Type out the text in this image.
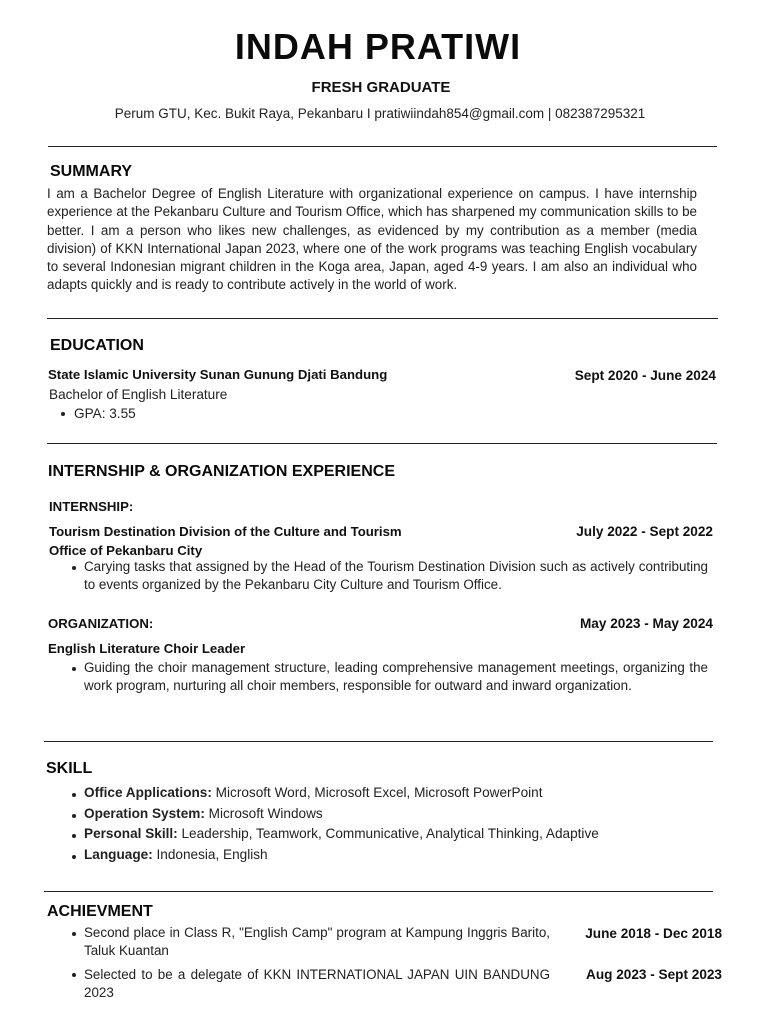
INDAH PRATIWI
FRESH GRADUATE
Perum GTU, Kec. Bukit Raya, Pekanbaru I pratiwiindah854@gmail.com | 082387295321
SUMMARY
I am a Bachelor Degree of English Literature with organizational experience on campus. I have internship experience at the Pekanbaru Culture and Tourism Office, which has sharpened my communication skills to be better. I am a person who likes new challenges, as evidenced by my contribution as a member (media division) of KKN International Japan 2023, where one of the work programs was teaching English vocabulary to several Indonesian migrant children in the Koga area, Japan, aged 4-9 years. I am also an individual who adapts quickly and is ready to contribute actively in the world of work.
EDUCATION
State Islamic University Sunan Gunung Djati Bandung	Sept 2020 - June 2024
Bachelor of English Literature
GPA: 3.55
INTERNSHIP & ORGANIZATION EXPERIENCE
INTERNSHIP:
Tourism Destination Division of the Culture and Tourism	July 2022 - Sept 2022
Office of Pekanbaru City
Carying tasks that assigned by the Head of the Tourism Destination Division such as actively contributing to events organized by the Pekanbaru City Culture and Tourism Office.
ORGANIZATION:	May 2023 - May 2024
English Literature Choir Leader
Guiding the choir management structure, leading comprehensive management meetings, organizing the work program, nurturing all choir members, responsible for outward and inward organization.
SKILL
Office Applications: Microsoft Word, Microsoft Excel, Microsoft PowerPoint
Operation System: Microsoft Windows
Personal Skill: Leadership, Teamwork, Communicative, Analytical Thinking, Adaptive
Language: Indonesia, English
ACHIEVMENT
Second place in Class R, "English Camp" program at Kampung Inggris Barito, Taluk Kuantan
June 2018 - Dec 2018
Selected to be a delegate of KKN INTERNATIONAL JAPAN UIN BANDUNG 2023
Aug 2023 - Sept 2023
